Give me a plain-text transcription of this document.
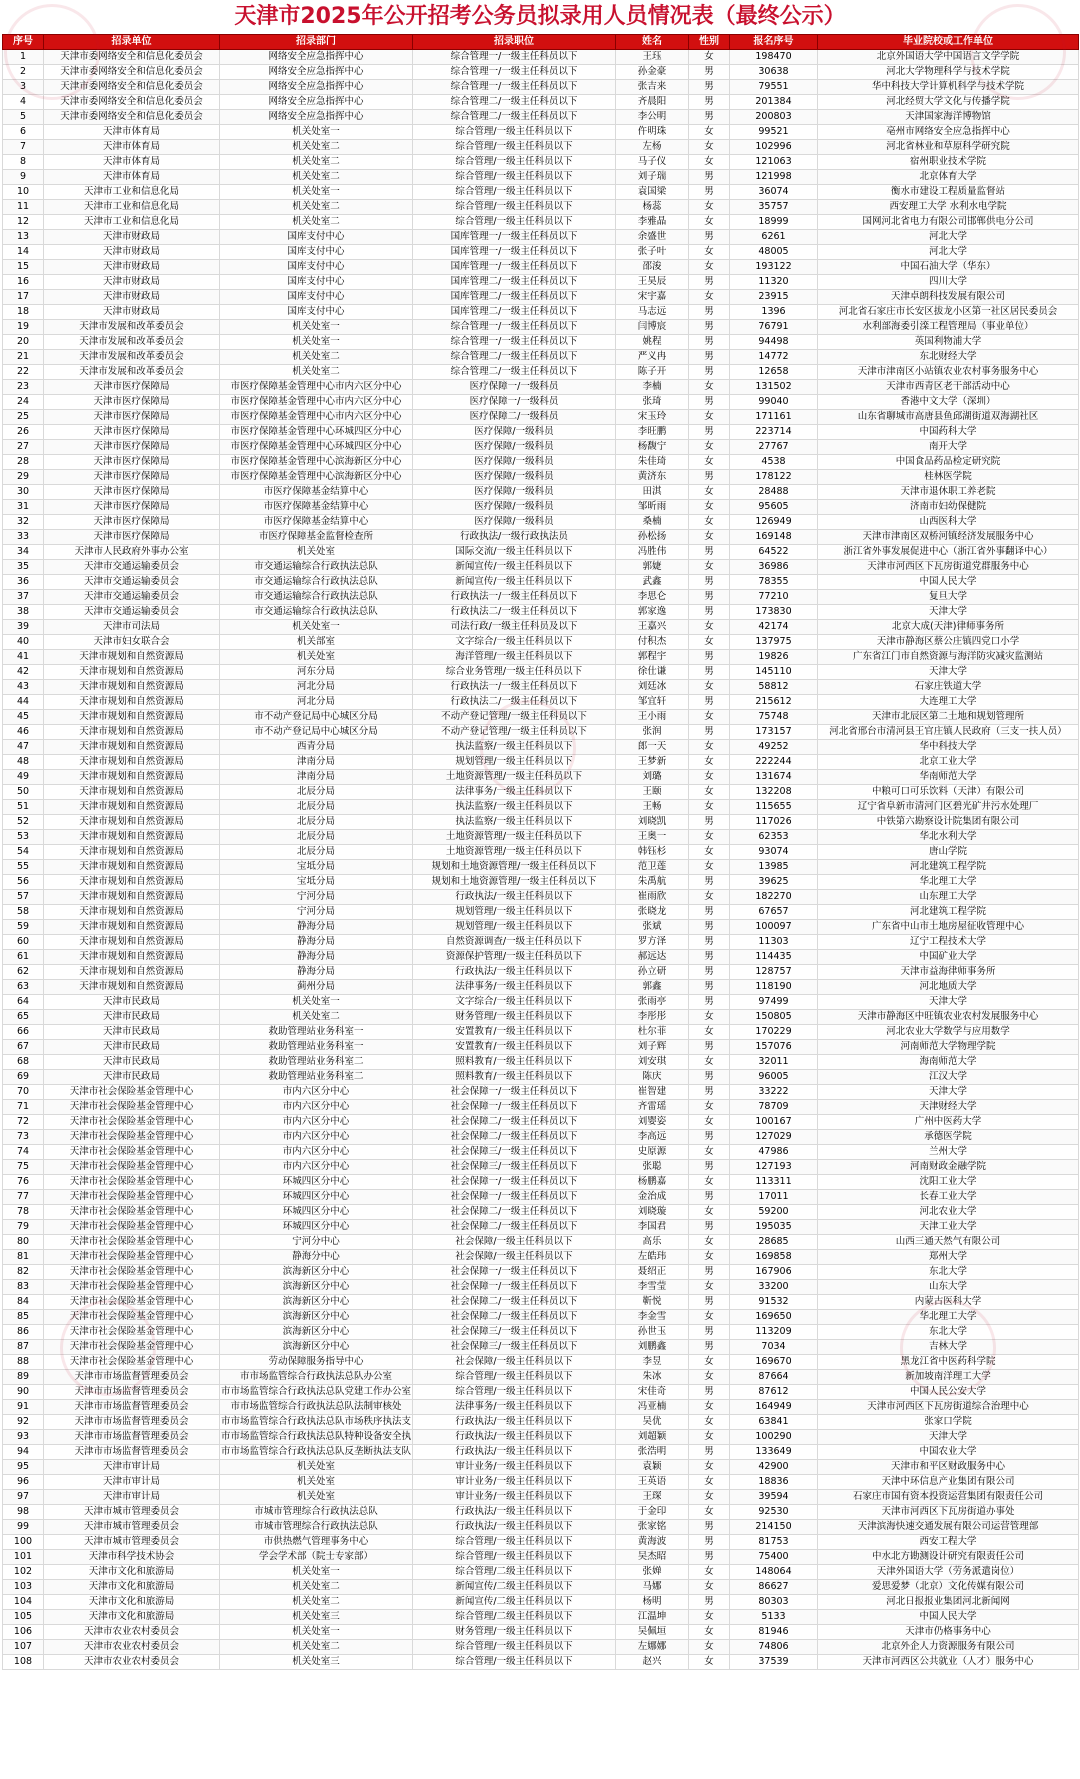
天津市2025年公开招考公务员拟录用人员情况表（最终公示）
序号	招录单位	招录部门	招录职位	姓名	性别	报名序号	毕业院校或工作单位
1	天津市委网络安全和信息化委员会	网络安全应急指挥中心	综合管理一/一级主任科员以下	王珏	女	198470	北京外国语大学中国语言文学学院
2	天津市委网络安全和信息化委员会	网络安全应急指挥中心	综合管理一/一级主任科员以下	孙金豪	男	30638	河北大学物理科学与技术学院
3	天津市委网络安全和信息化委员会	网络安全应急指挥中心	综合管理一/一级主任科员以下	张吉来	男	79551	华中科技大学计算机科学与技术学院
4	天津市委网络安全和信息化委员会	网络安全应急指挥中心	综合管理二/一级主任科员以下	齐晨阳	男	201384	河北经贸大学文化与传播学院
5	天津市委网络安全和信息化委员会	网络安全应急指挥中心	综合管理二/一级主任科员以下	李公明	男	200803	天津国家海洋博物馆
6	天津市体育局	机关处室一	综合管理/一级主任科员以下	仵明珠	女	99521	亳州市网络安全应急指挥中心
7	天津市体育局	机关处室二	综合管理/一级主任科员以下	左杨	女	102996	河北省林业和草原科学研究院
8	天津市体育局	机关处室二	综合管理/一级主任科员以下	马子仪	女	121063	宿州职业技术学院
9	天津市体育局	机关处室二	综合管理/一级主任科员以下	刘子瑞	男	121998	北京体育大学
10	天津市工业和信息化局	机关处室一	综合管理/一级主任科员以下	袁国梁	男	36074	衡水市建设工程质量监督站
11	天津市工业和信息化局	机关处室二	综合管理/一级主任科员以下	杨蕊	女	35757	西安理工大学 水利水电学院
12	天津市工业和信息化局	机关处室二	综合管理/一级主任科员以下	李雅晶	女	18999	国网河北省电力有限公司邯郸供电分公司
13	天津市财政局	国库支付中心	国库管理一/一级主任科员以下	余盛世	男	6261	河北大学
14	天津市财政局	国库支付中心	国库管理一/一级主任科员以下	张子叶	女	48005	河北大学
15	天津市财政局	国库支付中心	国库管理一/一级主任科员以下	邵浚	女	193122	中国石油大学（华东）
16	天津市财政局	国库支付中心	国库管理二/一级主任科员以下	王昊辰	男	11320	四川大学
17	天津市财政局	国库支付中心	国库管理二/一级主任科员以下	宋宇嘉	女	23915	天津卓朗科技发展有限公司
18	天津市财政局	国库支付中心	国库管理二/一级主任科员以下	马志远	男	1396	河北省石家庄市长安区拔龙小区第一社区居民委员会
19	天津市发展和改革委员会	机关处室一	综合管理一/一级主任科员以下	闫博宸	男	76791	水利部海委引滦工程管理局（事业单位）
20	天津市发展和改革委员会	机关处室一	综合管理一/一级主任科员以下	姚程	男	94498	英国利物浦大学
21	天津市发展和改革委员会	机关处室二	综合管理二/一级主任科员以下	严义冉	男	14772	东北财经大学
22	天津市发展和改革委员会	机关处室二	综合管理二/一级主任科员以下	陈子开	男	12658	天津市津南区小站镇农业农村事务服务中心
23	天津市医疗保障局	市医疗保障基金管理中心市内六区分中心	医疗保障一/一级科员	李楠	女	131502	天津市西青区老干部活动中心
24	天津市医疗保障局	市医疗保障基金管理中心市内六区分中心	医疗保障一/一级科员	张琦	男	99040	香港中文大学（深圳）
25	天津市医疗保障局	市医疗保障基金管理中心市内六区分中心	医疗保障二/一级科员	宋玉玲	女	171161	山东省聊城市高唐县鱼邱湖街道双海湖社区
26	天津市医疗保障局	市医疗保障基金管理中心环城四区分中心	医疗保障/一级科员	李旺鹏	男	223714	中国药科大学
27	天津市医疗保障局	市医疗保障基金管理中心环城四区分中心	医疗保障/一级科员	杨馥宁	女	27767	南开大学
28	天津市医疗保障局	市医疗保障基金管理中心滨海新区分中心	医疗保障/一级科员	朱佳琦	女	4538	中国食品药品检定研究院
29	天津市医疗保障局	市医疗保障基金管理中心滨海新区分中心	医疗保障/一级科员	黄济东	男	178122	桂林医学院
30	天津市医疗保障局	市医疗保障基金结算中心	医疗保障/一级科员	田淇	女	28488	天津市退休职工养老院
31	天津市医疗保障局	市医疗保障基金结算中心	医疗保障/一级科员	邹昕雨	女	95605	济南市妇幼保健院
32	天津市医疗保障局	市医疗保障基金结算中心	医疗保障/一级科员	桑楠	女	126949	山西医科大学
33	天津市医疗保障局	市医疗保障基金监督检查所	行政执法/一级行政执法员	孙松扬	女	169148	天津市津南区双桥河镇经济发展服务中心
34	天津市人民政府外事办公室	机关处室	国际交流/一级主任科员以下	冯胜伟	男	64522	浙江省外事发展促进中心（浙江省外事翻译中心）
35	天津市交通运输委员会	市交通运输综合行政执法总队	新闻宣传/一级主任科员以下	郭婕	女	36986	天津市河西区下瓦房街道党群服务中心
36	天津市交通运输委员会	市交通运输综合行政执法总队	新闻宣传/一级主任科员以下	武鑫	男	78355	中国人民大学
37	天津市交通运输委员会	市交通运输综合行政执法总队	行政执法一/一级主任科员以下	李思仑	男	77210	复旦大学
38	天津市交通运输委员会	市交通运输综合行政执法总队	行政执法二/一级主任科员以下	郭家逸	男	173830	天津大学
39	天津市司法局	机关处室一	司法行政/一级主任科员及以下	王嘉兴	女	42174	北京大成(天津)律师事务所
40	天津市妇女联合会	机关部室	文字综合/一级主任科员以下	付积杰	女	137975	天津市静海区蔡公庄镇四党口小学
41	天津市规划和自然资源局	机关处室	海洋管理/一级主任科员以下	郭程宇	男	19826	广东省江门市自然资源与海洋防灾减灾监测站
42	天津市规划和自然资源局	河东分局	综合业务管理/一级主任科员以下	徐仕谦	男	145110	天津大学
43	天津市规划和自然资源局	河北分局	行政执法一/一级主任科员以下	刘廷冰	女	58812	石家庄铁道大学
44	天津市规划和自然资源局	河北分局	行政执法二/一级主任科员以下	邹宜轩	男	215612	大连理工大学
45	天津市规划和自然资源局	市不动产登记局中心城区分局	不动产登记管理/一级主任科员以下	王小雨	女	75748	天津市北辰区第二土地和规划管理所
46	天津市规划和自然资源局	市不动产登记局中心城区分局	不动产登记管理/一级主任科员以下	张润	男	173157	河北省邢台市清河县王官庄镇人民政府（三支一扶人员）
47	天津市规划和自然资源局	西青分局	执法监察/一级主任科员以下	郎一天	女	49252	华中科技大学
48	天津市规划和自然资源局	津南分局	规划管理/一级主任科员以下	王梦新	女	222244	北京工业大学
49	天津市规划和自然资源局	津南分局	土地资源管理/一级主任科员以下	刘璐	女	131674	华南师范大学
50	天津市规划和自然资源局	北辰分局	法律事务/一级主任科员以下	王颐	女	132208	中粮可口可乐饮料（天津）有限公司
51	天津市规划和自然资源局	北辰分局	执法监察/一级主任科员以下	王畅	女	115655	辽宁省阜新市清河门区碧光矿井污水处理厂
52	天津市规划和自然资源局	北辰分局	执法监察/一级主任科员以下	刘晓凯	男	117026	中铁第六勘察设计院集团有限公司
53	天津市规划和自然资源局	北辰分局	土地资源管理/一级主任科员以下	王奥一	女	62353	华北水利大学
54	天津市规划和自然资源局	北辰分局	土地资源管理/一级主任科员以下	韩钰杉	女	93074	唐山学院
55	天津市规划和自然资源局	宝坻分局	规划和土地资源管理/一级主任科员以下	范卫莲	女	13985	河北建筑工程学院
56	天津市规划和自然资源局	宝坻分局	规划和土地资源管理/一级主任科员以下	朱禹航	男	39625	华北理工大学
57	天津市规划和自然资源局	宁河分局	行政执法/一级主任科员以下	崔雨欣	女	182270	山东理工大学
58	天津市规划和自然资源局	宁河分局	规划管理/一级主任科员以下	张晓龙	男	67657	河北建筑工程学院
59	天津市规划和自然资源局	静海分局	规划管理/一级主任科员以下	张斌	男	100097	广东省中山市土地房屋征收管理中心
60	天津市规划和自然资源局	静海分局	自然资源调查/一级主任科员以下	罗方泽	男	11303	辽宁工程技术大学
61	天津市规划和自然资源局	静海分局	资源保护管理/一级主任科员以下	郝远达	男	114435	中国矿业大学
62	天津市规划和自然资源局	静海分局	行政执法/一级主任科员以下	孙立研	男	128757	天津市益海律师事务所
63	天津市规划和自然资源局	蓟州分局	法律事务/一级主任科员以下	郭鑫	男	118190	河北地质大学
64	天津市民政局	机关处室一	文字综合/一级主任科员以下	张雨亭	男	97499	天津大学
65	天津市民政局	机关处室二	财务管理/一级主任科员以下	李彤彤	女	150805	天津市静海区中旺镇农业农村发展服务中心
66	天津市民政局	救助管理站业务科室一	安置教育/一级主任科员以下	杜尔菲	女	170229	河北农业大学数学与应用数学
67	天津市民政局	救助管理站业务科室一	安置教育/一级主任科员以下	刘子辉	男	157076	河南师范大学物理学院
68	天津市民政局	救助管理站业务科室二	照料教育/一级主任科员以下	刘安琪	女	32011	海南师范大学
69	天津市民政局	救助管理站业务科室二	照料教育/一级主任科员以下	陈庆	男	96005	江汉大学
70	天津市社会保险基金管理中心	市内六区分中心	社会保障一/一级主任科员以下	崔智建	男	33222	天津大学
71	天津市社会保险基金管理中心	市内六区分中心	社会保障一/一级主任科员以下	齐雷瑶	女	78709	天津财经大学
72	天津市社会保险基金管理中心	市内六区分中心	社会保障二/一级主任科员以下	刘婴姿	女	100167	广州中医药大学
73	天津市社会保险基金管理中心	市内六区分中心	社会保障二/一级主任科员以下	李高远	男	127029	承德医学院
74	天津市社会保险基金管理中心	市内六区分中心	社会保障三/一级主任科员以下	史原源	女	47986	兰州大学
75	天津市社会保险基金管理中心	市内六区分中心	社会保障三/一级主任科员以下	张聪	男	127193	河南财政金融学院
76	天津市社会保险基金管理中心	环城四区分中心	社会保障一/一级主任科员以下	杨鹏嘉	女	113311	沈阳工业大学
77	天津市社会保险基金管理中心	环城四区分中心	社会保障一/一级主任科员以下	金治成	男	17011	长春工业大学
78	天津市社会保险基金管理中心	环城四区分中心	社会保障二/一级主任科员以下	刘晓璇	女	59200	河北农业大学
79	天津市社会保险基金管理中心	环城四区分中心	社会保障二/一级主任科员以下	李国君	男	195035	天津工业大学
80	天津市社会保险基金管理中心	宁河分中心	社会保障/一级主任科员以下	高乐	女	28685	山西三通天然气有限公司
81	天津市社会保险基金管理中心	静海分中心	社会保障/一级主任科员以下	左皓玮	女	169858	郑州大学
82	天津市社会保险基金管理中心	滨海新区分中心	社会保障一/一级主任科员以下	聂绍正	男	167906	东北大学
83	天津市社会保险基金管理中心	滨海新区分中心	社会保障一/一级主任科员以下	李雪莹	女	33200	山东大学
84	天津市社会保险基金管理中心	滨海新区分中心	社会保障二/一级主任科员以下	靳悦	男	91532	内蒙古医科大学
85	天津市社会保险基金管理中心	滨海新区分中心	社会保障二/一级主任科员以下	李金雪	女	169650	华北理工大学
86	天津市社会保险基金管理中心	滨海新区分中心	社会保障三/一级主任科员以下	孙世玉	男	113209	东北大学
87	天津市社会保险基金管理中心	滨海新区分中心	社会保障三/一级主任科员以下	刘鹏鑫	男	7034	吉林大学
88	天津市社会保险基金管理中心	劳动保障服务指导中心	社会保障/一级主任科员以下	李昱	女	169670	黑龙江省中医药科学院
89	天津市市场监督管理委员会	市市场监管综合行政执法总队办公室	综合管理/一级主任科员以下	朱冰	女	87664	新加坡南洋理工大学
90	天津市市场监督管理委员会	市市场监管综合行政执法总队党建工作办公室	综合管理/一级主任科员以下	宋佳奇	男	87612	中国人民公安大学
91	天津市市场监督管理委员会	市市场监管综合行政执法总队法制审核处	法律事务/一级主任科员以下	冯亚楠	女	164949	天津市河西区下瓦房街道综合治理中心
92	天津市市场监督管理委员会	市市场监管综合行政执法总队市场秩序执法支	行政执法/一级主任科员以下	吴优	女	63841	张家口学院
93	天津市市场监督管理委员会	市市场监管综合行政执法总队特种设备安全执	行政执法/一级主任科员以下	刘超颖	女	100290	天津大学
94	天津市市场监督管理委员会	市市场监管综合行政执法总队反垄断执法支队	行政执法/一级主任科员以下	张浩明	男	133649	中国农业大学
95	天津市审计局	机关处室	审计业务/一级主任科员以下	袁颖	女	42900	天津市和平区财政服务中心
96	天津市审计局	机关处室	审计业务/一级主任科员以下	王英语	女	18836	天津中环信息产业集团有限公司
97	天津市审计局	机关处室	审计业务/一级主任科员以下	王琛	女	39594	石家庄市国有资本投资运营集团有限责任公司
98	天津市城市管理委员会	市城市管理综合行政执法总队	行政执法/一级主任科员以下	于金印	女	92530	天津市河西区下瓦房街道办事处
99	天津市城市管理委员会	市城市管理综合行政执法总队	行政执法/一级主任科员以下	张家铭	男	214150	天津滨海快速交通发展有限公司运营管理部
100	天津市城市管理委员会	市供热燃气管理事务中心	综合管理/一级主任科员以下	黄海波	男	81753	西安工程大学
101	天津市科学技术协会	学会学术部（院士专家部）	综合管理/一级主任科员以下	吴杰昭	男	75400	中水北方勘测设计研究有限责任公司
102	天津市文化和旅游局	机关处室一	综合管理/二级主任科员以下	张婵	女	148064	天津外国语大学（劳务派遣岗位）
103	天津市文化和旅游局	机关处室二	新闻宣传/二级主任科员以下	马娜	女	86627	爱思爱梦（北京）文化传媒有限公司
104	天津市文化和旅游局	机关处室二	新闻宣传/二级主任科员以下	杨明	男	80303	河北日报报业集团河北新闻网
105	天津市文化和旅游局	机关处室三	综合管理/二级主任科员以下	江温坤	女	5133	中国人民大学
106	天津市农业农村委员会	机关处室一	财务管理/一级主任科员以下	吴佩垣	女	81946	天津市仍格事务中心
107	天津市农业农村委员会	机关处室二	综合管理/一级主任科员以下	左娜娜	女	74806	北京外企人力资源服务有限公司
108	天津市农业农村委员会	机关处室三	综合管理/一级主任科员以下	赵兴	女	37539	天津市河西区公共就业（人才）服务中心
